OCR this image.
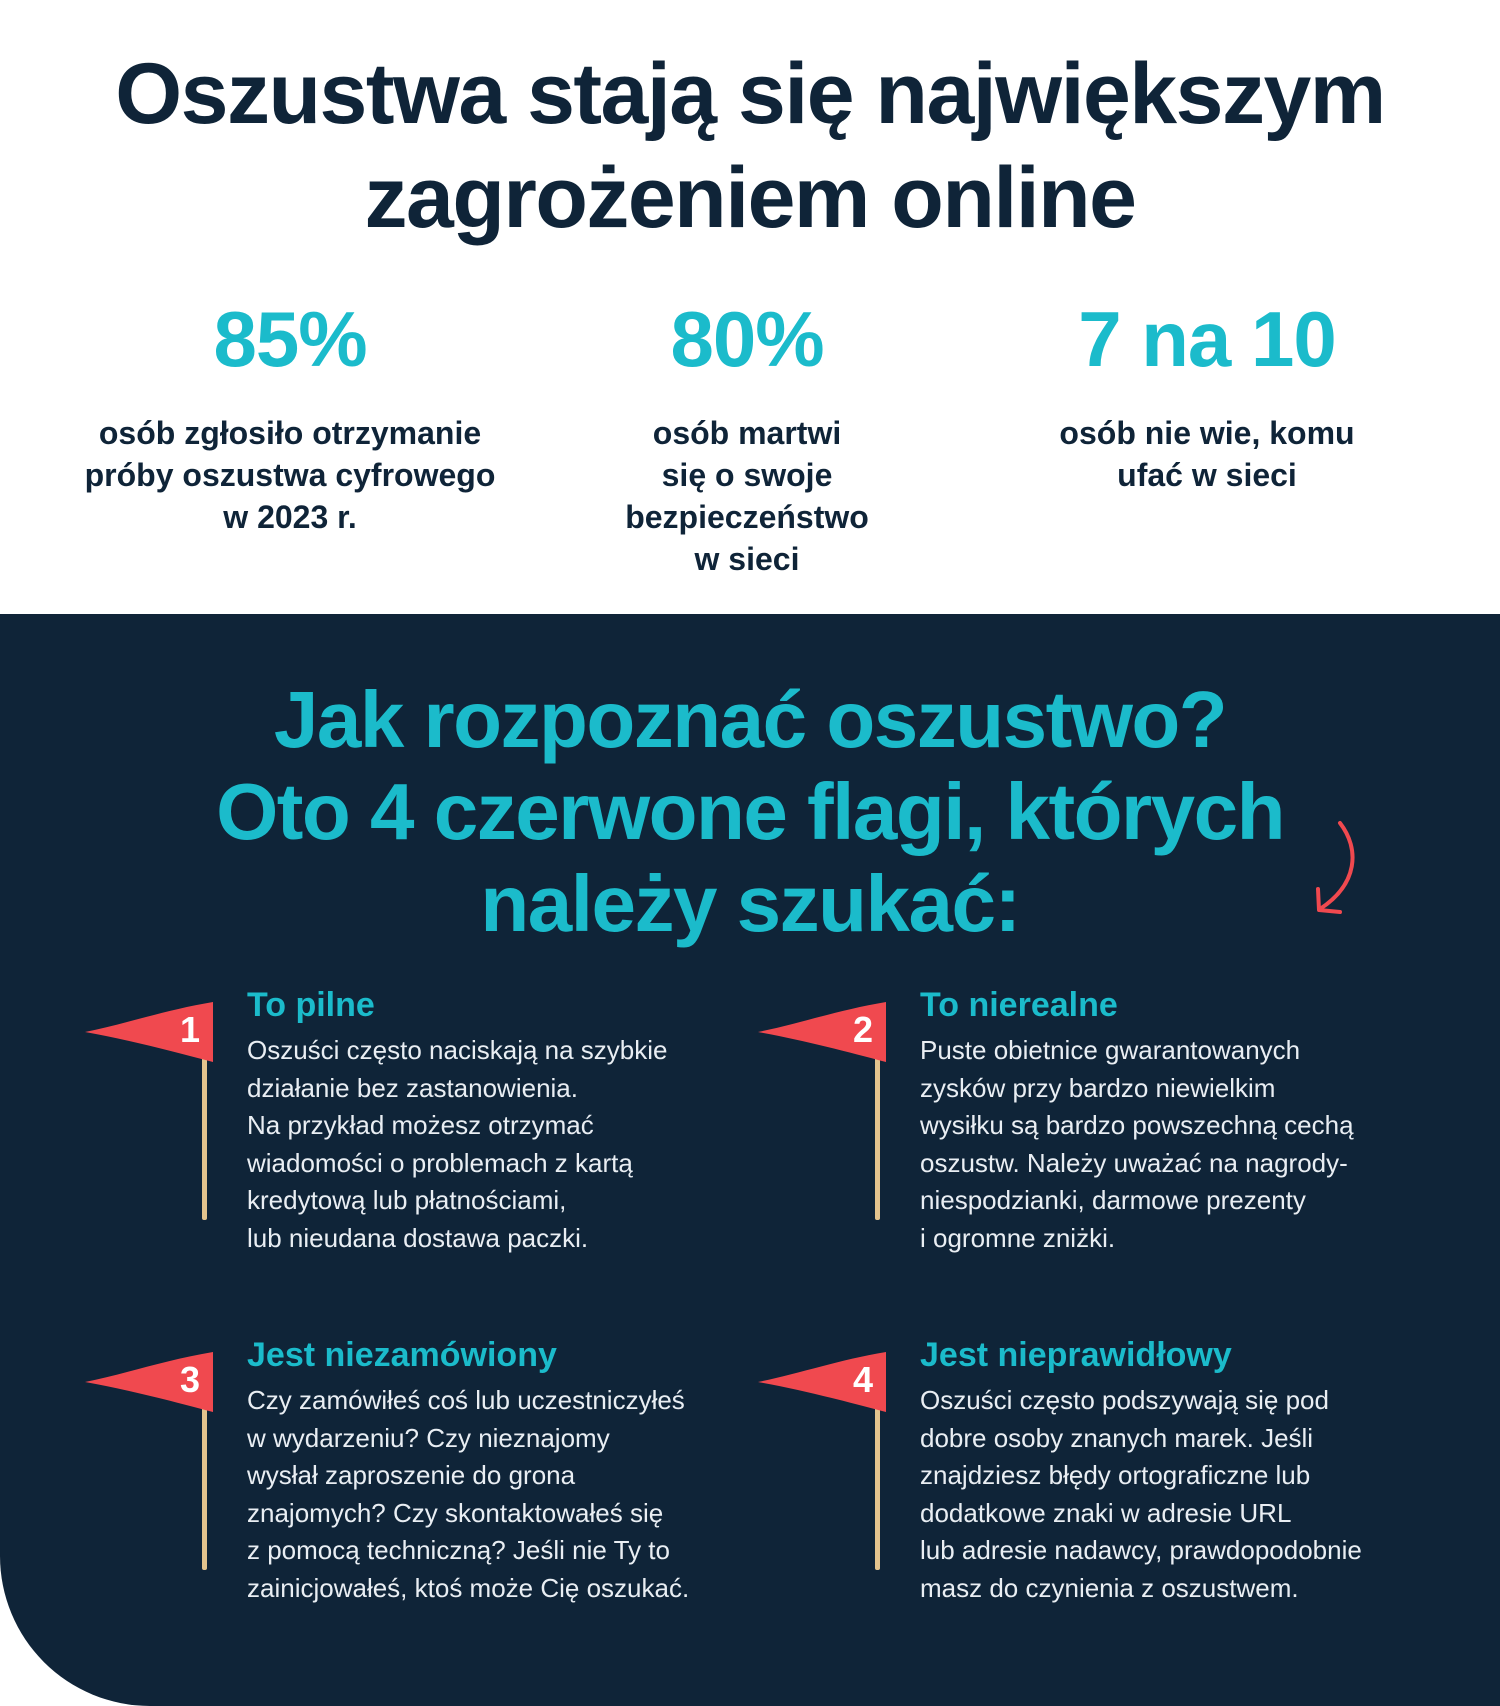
Oszustwa stają się największym
zagrożeniem online

85%

osób zgłosiło otrzymanie
próby oszustwa cyfrowego
w 2023 r.

80%

osób martwi
się o swoje
bezpieczeństwo
w sieci

7 na 10

osób nie wie, komu
ufać w sieci
Jak rozpoznać oszustwo?
Oto 4 czerwone flagi, których
należy szukać:
1
To pilne
Oszuści często naciskają na szybkie
działanie bez zastanowienia.
Na przykład możesz otrzymać
wiadomości o problemach z kartą
kredytową lub płatnościami,
lub nieudana dostawa paczki.
2
To nierealne
Puste obietnice gwarantowanych
zysków przy bardzo niewielkim
wysiłku są bardzo powszechną cechą
oszustw. Należy uważać na nagrody-
niespodzianki, darmowe prezenty
i ogromne zniżki.
3
Jest niezamówiony
Czy zamówiłeś coś lub uczestniczyłeś
w wydarzeniu? Czy nieznajomy
wysłał zaproszenie do grona
znajomych? Czy skontaktowałeś się
z pomocą techniczną? Jeśli nie Ty to
zainicjowałeś, ktoś może Cię oszukać.
4
Jest nieprawidłowy
Oszuści często podszywają się pod
dobre osoby znanych marek. Jeśli
znajdziesz błędy ortograficzne lub
dodatkowe znaki w adresie URL
lub adresie nadawcy, prawdopodobnie
masz do czynienia z oszustwem.
